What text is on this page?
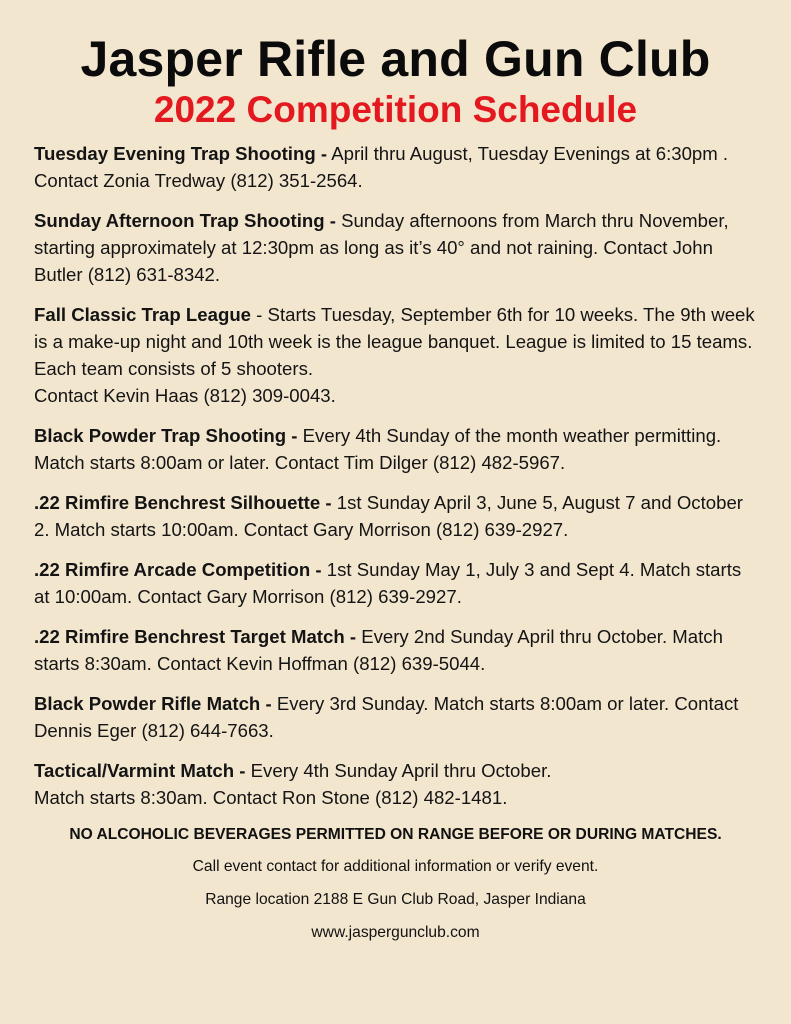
Jasper Rifle and Gun Club
2022 Competition Schedule

Tuesday Evening Trap Shooting - April thru August, Tuesday Evenings at 6:30pm . Contact Zonia Tredway (812) 351-2564.

Sunday Afternoon Trap Shooting - Sunday afternoons from March thru November, starting approximately at 12:30pm as long as it’s 40° and not raining. Contact John Butler (812) 631-8342.

Fall Classic Trap League - Starts Tuesday, September 6th for 10 weeks. The 9th week is a make-up night and 10th week is the league banquet. League is limited to 15 teams. Each team consists of 5 shooters.
Contact Kevin Haas (812) 309-0043.

Black Powder Trap Shooting - Every 4th Sunday of the month weather permitting. Match starts 8:00am or later. Contact Tim Dilger (812) 482-5967.

.22 Rimfire Benchrest Silhouette - 1st Sunday April 3, June 5, August 7 and October 2. Match starts 10:00am. Contact Gary Morrison (812) 639-2927.

.22 Rimfire Arcade Competition - 1st Sunday May 1, July 3 and Sept 4. Match starts at 10:00am. Contact Gary Morrison (812) 639-2927.

.22 Rimfire Benchrest Target Match - Every 2nd Sunday April thru October. Match starts 8:30am. Contact Kevin Hoffman (812) 639-5044.

Black Powder Rifle Match - Every 3rd Sunday. Match starts 8:00am or later. Contact Dennis Eger (812) 644-7663.

Tactical/Varmint Match - Every 4th Sunday April thru October.
Match starts 8:30am. Contact Ron Stone (812) 482-1481.

NO ALCOHOLIC BEVERAGES PERMITTED ON RANGE BEFORE OR DURING MATCHES.

Call event contact for additional information or verify event.

Range location 2188 E Gun Club Road, Jasper Indiana

www.jaspergunclub.com
